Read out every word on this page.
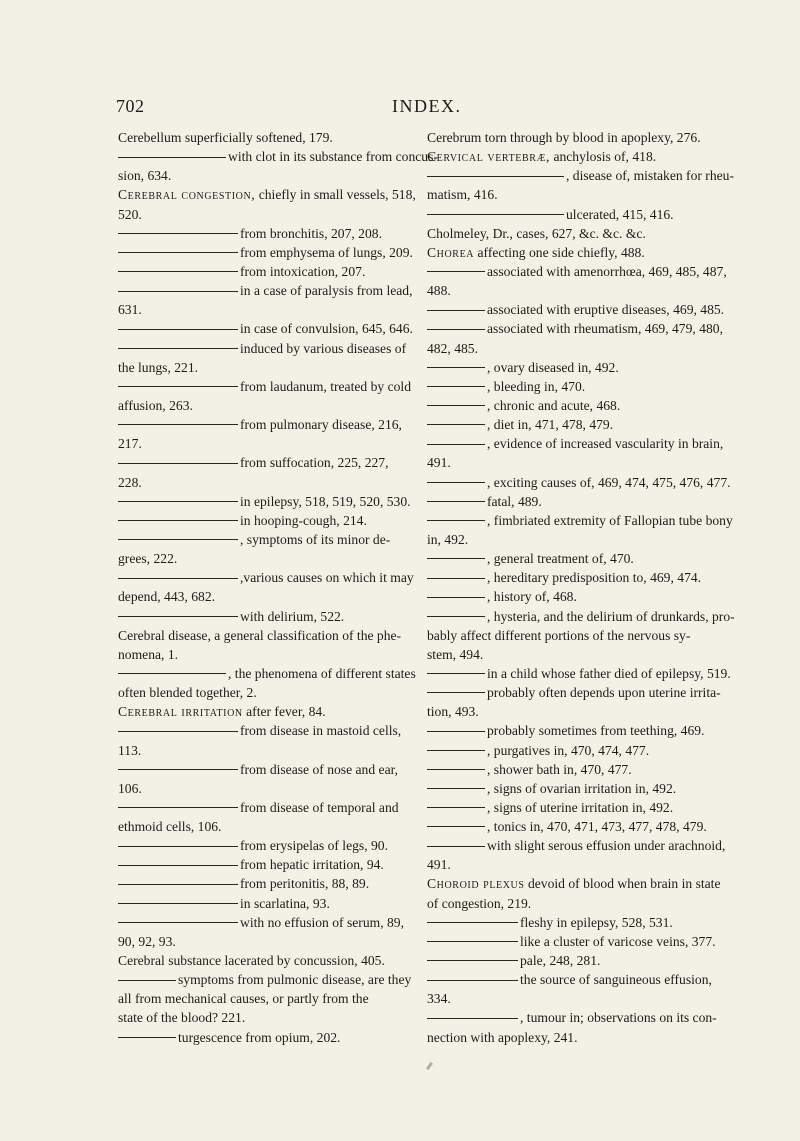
702	INDEX.
Cerebellum superficially softened, 179.
with clot in its substance from concus-
sion, 634.
Cerebral congestion, chiefly in small vessels, 518,
520.
from bronchitis, 207, 208.
from emphysema of lungs, 209.
from intoxication, 207.
in a case of paralysis from lead,
631.
in case of convulsion, 645, 646.
induced by various diseases of
the lungs, 221.
from laudanum, treated by cold
affusion, 263.
from pulmonary disease, 216,
217.
from suffocation, 225, 227,
228.
in epilepsy, 518, 519, 520, 530.
in hooping-cough, 214.
, symptoms of its minor de-
grees, 222.
,various causes on which it may
depend, 443, 682.
with delirium, 522.
Cerebral disease, a general classification of the phe-
nomena, 1.
, the phenomena of different states
often blended together, 2.
Cerebral irritation after fever, 84.
from disease in mastoid cells,
113.
from disease of nose and ear,
106.
from disease of temporal and
ethmoid cells, 106.
from erysipelas of legs, 90.
from hepatic irritation, 94.
from peritonitis, 88, 89.
in scarlatina, 93.
with no effusion of serum, 89,
90, 92, 93.
Cerebral substance lacerated by concussion, 405.
symptoms from pulmonic disease, are they
all from mechanical causes, or partly from the
state of the blood? 221.
turgescence from opium, 202.
Cerebrum torn through by blood in apoplexy, 276.
Cervical vertebræ, anchylosis of, 418.
, disease of, mistaken for rheu-
matism, 416.
ulcerated, 415, 416.
Cholmeley, Dr., cases, 627, &c. &c. &c.
Chorea affecting one side chiefly, 488.
associated with amenorrhœa, 469, 485, 487,
488.
associated with eruptive diseases, 469, 485.
associated with rheumatism, 469, 479, 480,
482, 485.
, ovary diseased in, 492.
, bleeding in, 470.
, chronic and acute, 468.
, diet in, 471, 478, 479.
, evidence of increased vascularity in brain,
491.
, exciting causes of, 469, 474, 475, 476, 477.
fatal, 489.
, fimbriated extremity of Fallopian tube bony
in, 492.
, general treatment of, 470.
, hereditary predisposition to, 469, 474.
, history of, 468.
, hysteria, and the delirium of drunkards, pro-
bably affect different portions of the nervous sy-
stem, 494.
in a child whose father died of epilepsy, 519.
probably often depends upon uterine irrita-
tion, 493.
probably sometimes from teething, 469.
, purgatives in, 470, 474, 477.
, shower bath in, 470, 477.
, signs of ovarian irritation in, 492.
, signs of uterine irritation in, 492.
, tonics in, 470, 471, 473, 477, 478, 479.
with slight serous effusion under arachnoid,
491.
Choroid plexus devoid of blood when brain in state
of congestion, 219.
fleshy in epilepsy, 528, 531.
like a cluster of varicose veins, 377.
pale, 248, 281.
the source of sanguineous effusion,
334.
, tumour in; observations on its con-
nection with apoplexy, 241.
